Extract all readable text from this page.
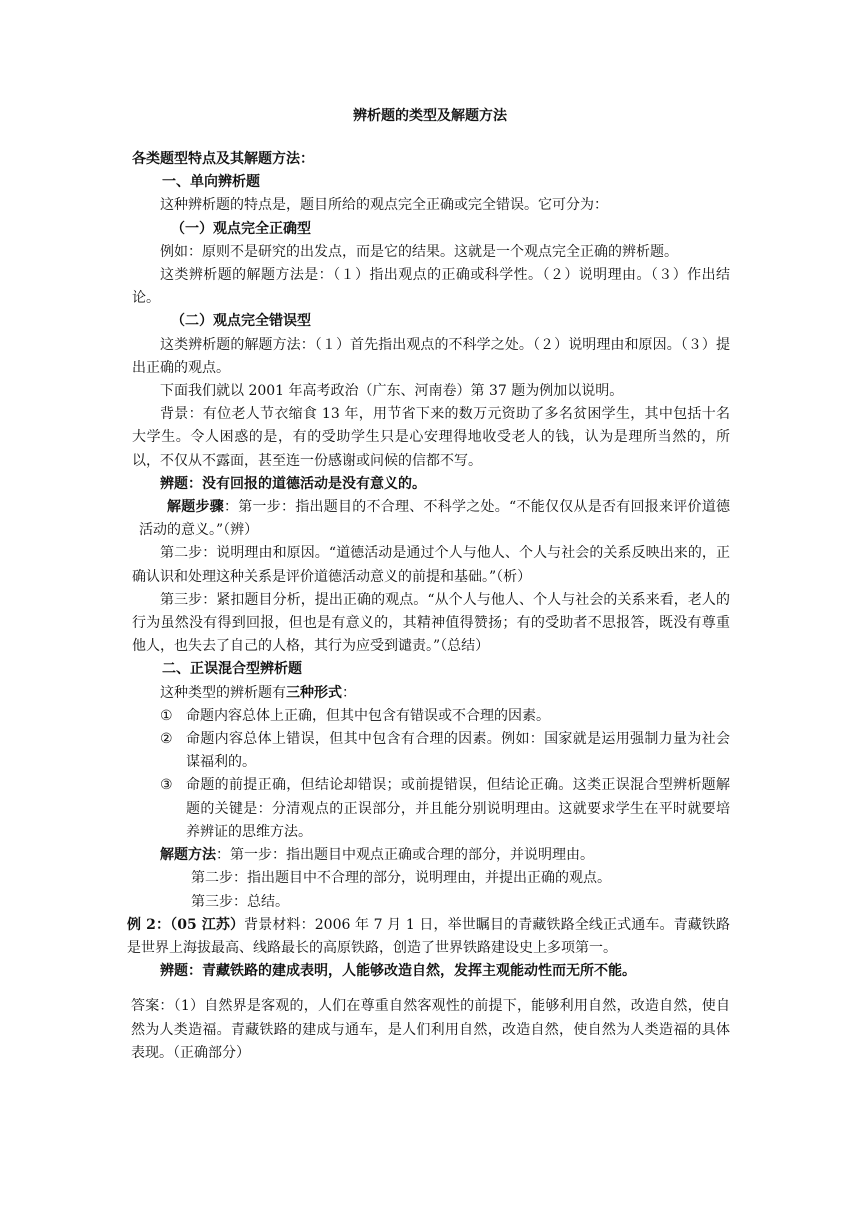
辨析题的类型及解题方法

各类题型特点及其解题方法：

一、单向辨析题

这种辨析题的特点是，题目所给的观点完全正确或完全错误。它可分为：

（一）观点完全正确型

例如：原则不是研究的出发点，而是它的结果。这就是一个观点完全正确的辨析题。

这类辨析题的解题方法是：（１）指出观点的正确或科学性。（２）说明理由。（３）作出结论。

（二）观点完全错误型

这类辨析题的解题方法：（１）首先指出观点的不科学之处。（２）说明理由和原因。（３）提出正确的观点。

下面我们就以 2001 年高考政治（广东、河南卷）第 37 题为例加以说明。

背景：有位老人节衣缩食 13 年，用节省下来的数万元资助了多名贫困学生，其中包括十名大学生。令人困惑的是，有的受助学生只是心安理得地收受老人的钱，认为是理所当然的，所以，不仅从不露面，甚至连一份感谢或问候的信都不写。

辨题：没有回报的道德活动是没有意义的。

解题步骤：第一步：指出题目的不合理、不科学之处。“不能仅仅从是否有回报来评价道德活动的意义。”（辨）

第二步：说明理由和原因。“道德活动是通过个人与他人、个人与社会的关系反映出来的，正确认识和处理这种关系是评价道德活动意义的前提和基础。”（析）

第三步：紧扣题目分析，提出正确的观点。“从个人与他人、个人与社会的关系来看，老人的行为虽然没有得到回报，但也是有意义的，其精神值得赞扬；有的受助者不思报答，既没有尊重他人，也失去了自己的人格，其行为应受到谴责。”（总结）

二、正误混合型辨析题

这种类型的辨析题有三种形式：

① 命题内容总体上正确，但其中包含有错误或不合理的因素。
② 命题内容总体上错误，但其中包含有合理的因素。例如：国家就是运用强制力量为社会谋福利的。
③ 命题的前提正确，但结论却错误；或前提错误，但结论正确。这类正误混合型辨析题解题的关键是：分清观点的正误部分，并且能分别说明理由。这就要求学生在平时就要培养辨证的思维方法。

解题方法：第一步：指出题目中观点正确或合理的部分，并说明理由。

第二步：指出题目中不合理的部分，说明理由，并提出正确的观点。

第三步：总结。

例 2：（05 江苏）背景材料：2006 年 7 月 1 日，举世瞩目的青藏铁路全线正式通车。青藏铁路是世界上海拔最高、线路最长的高原铁路，创造了世界铁路建设史上多项第一。

辨题：青藏铁路的建成表明，人能够改造自然，发挥主观能动性而无所不能。

答案：（1）自然界是客观的，人们在尊重自然客观性的前提下，能够利用自然，改造自然，使自然为人类造福。青藏铁路的建成与通车，是人们利用自然，改造自然，使自然为人类造福的具体表现。（正确部分）
